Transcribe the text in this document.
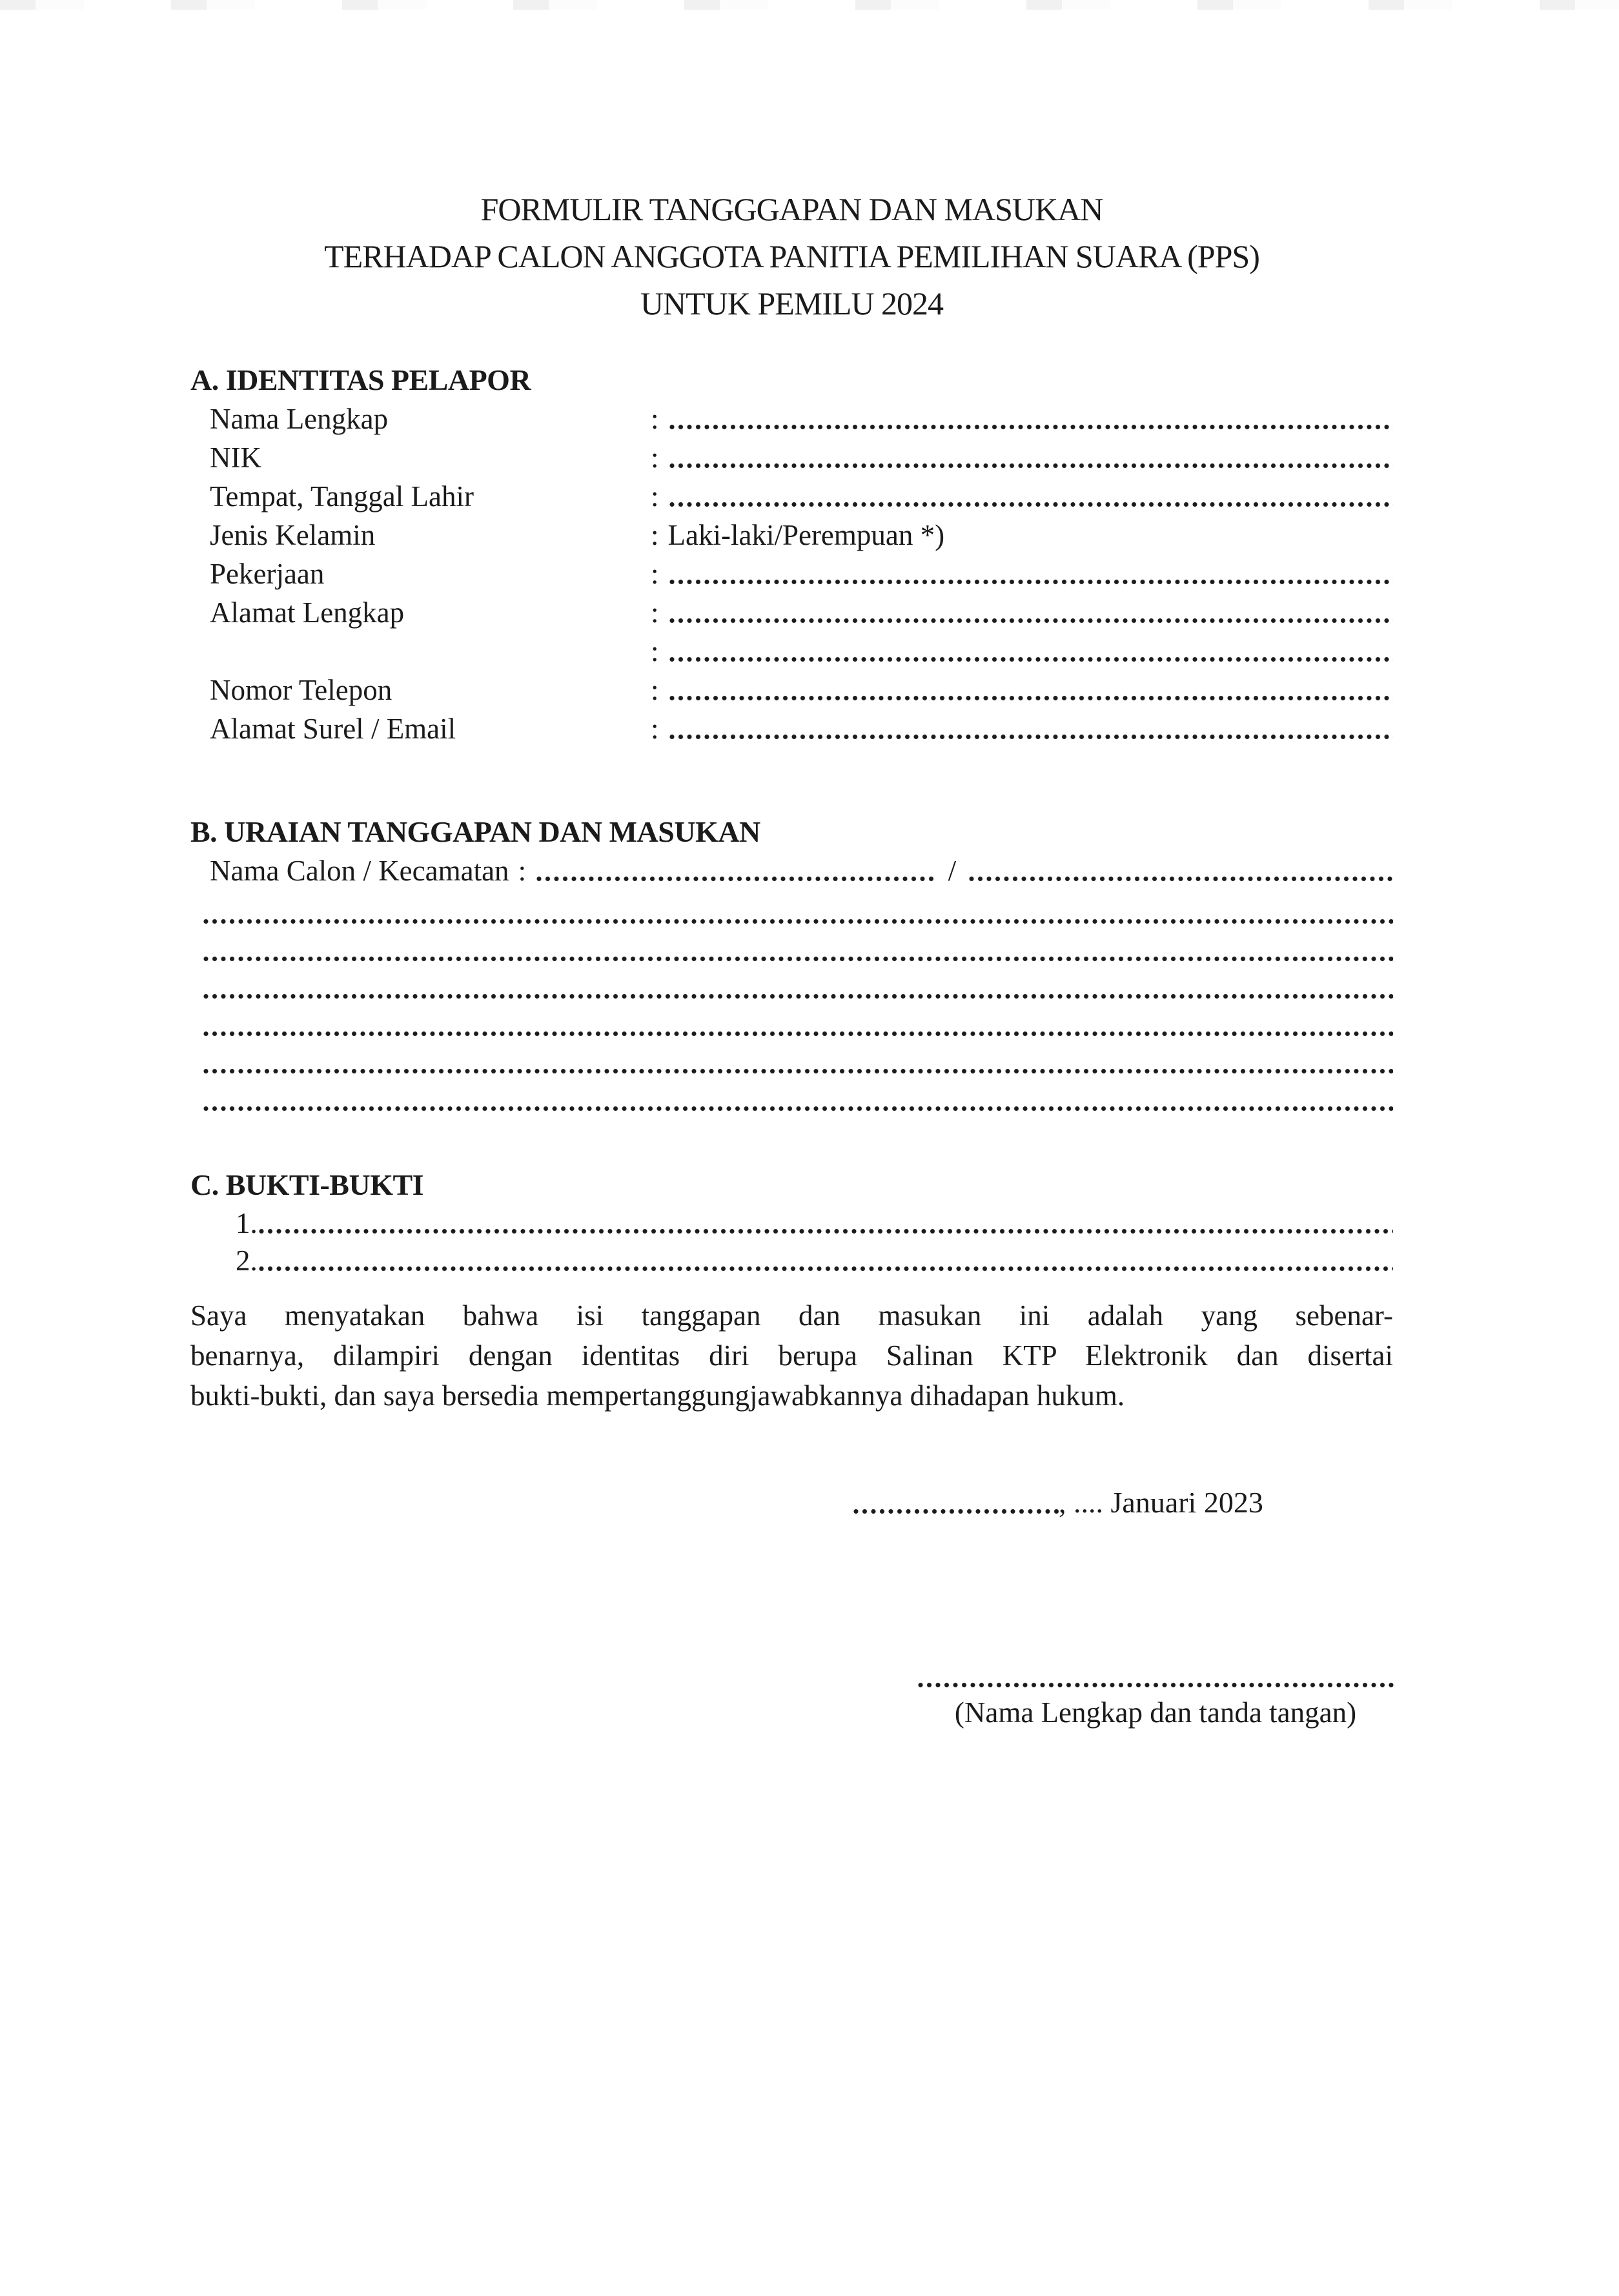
FORMULIR TANGGGAPAN DAN MASUKAN
TERHADAP CALON ANGGOTA PANITIA PEMILIHAN SUARA (PPS)
UNTUK PEMILU 2024
A. IDENTITAS PELAPOR
Nama Lengkap	:
NIK	:
Tempat, Tanggal Lahir	:
Jenis Kelamin	: Laki-laki/Perempuan *)
Pekerjaan	:
Alamat Lengkap	:
:
Nomor Telepon	:
Alamat Surel / Email	:
B. URAIAN TANGGAPAN DAN MASUKAN
Nama Calon / Kecamatan :	/
C. BUKTI-BUKTI
1.
2.
Saya menyatakan bahwa isi tanggapan dan masukan ini adalah yang sebenar-
benarnya, dilampiri dengan identitas diri berupa Salinan KTP Elektronik dan disertai
bukti-bukti, dan saya bersedia mempertanggungjawabkannya dihadapan hukum.
, .... Januari 2023
(Nama Lengkap dan tanda tangan)
